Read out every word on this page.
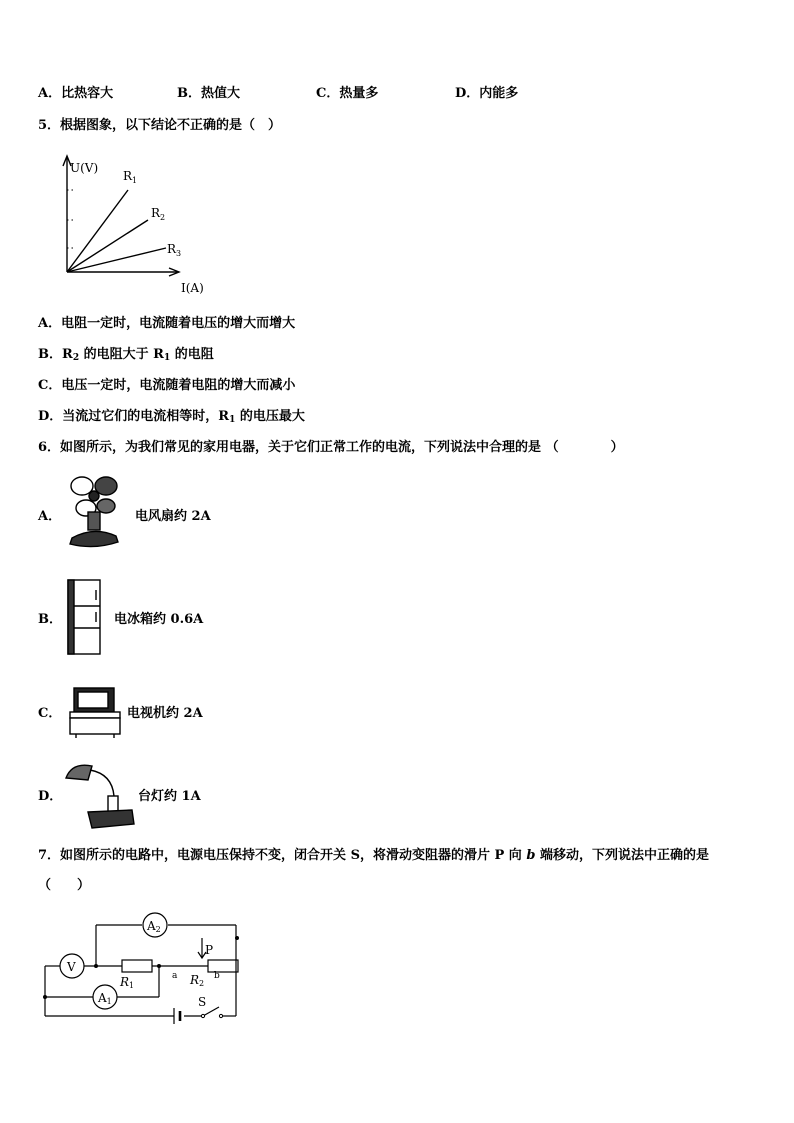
A．比热容大	B．热值大	C．热量多	D．内能多
5．根据图象，以下结论不正确的是（　）
U(V)
I(A)
$R_1$
$R_2$
$R_3$
A．电阻一定时，电流随着电压的增大而增大
B．$R_2$ 的电阻大于 $R_1$ 的电阻
C．电压一定时，电流随着电阻的增大而减小
D．当流过它们的电流相等时，$R_1$ 的电压最大
6．如图所示，为我们常见的家用电器，关于它们正常工作的电流，下列说法中合理的是 （　　　　）
A．	电风扇约 2A
B．	电冰箱约 0.6A
C．	电视机约 2A
D．	台灯约 1A
7．如图所示的电路中，电源电压保持不变，闭合开关 S，将滑动变阻器的滑片 P 向 b 端移动，下列说法中正确的是
（　　）
A2
V
A1
R1	R2
P
a	b
S
